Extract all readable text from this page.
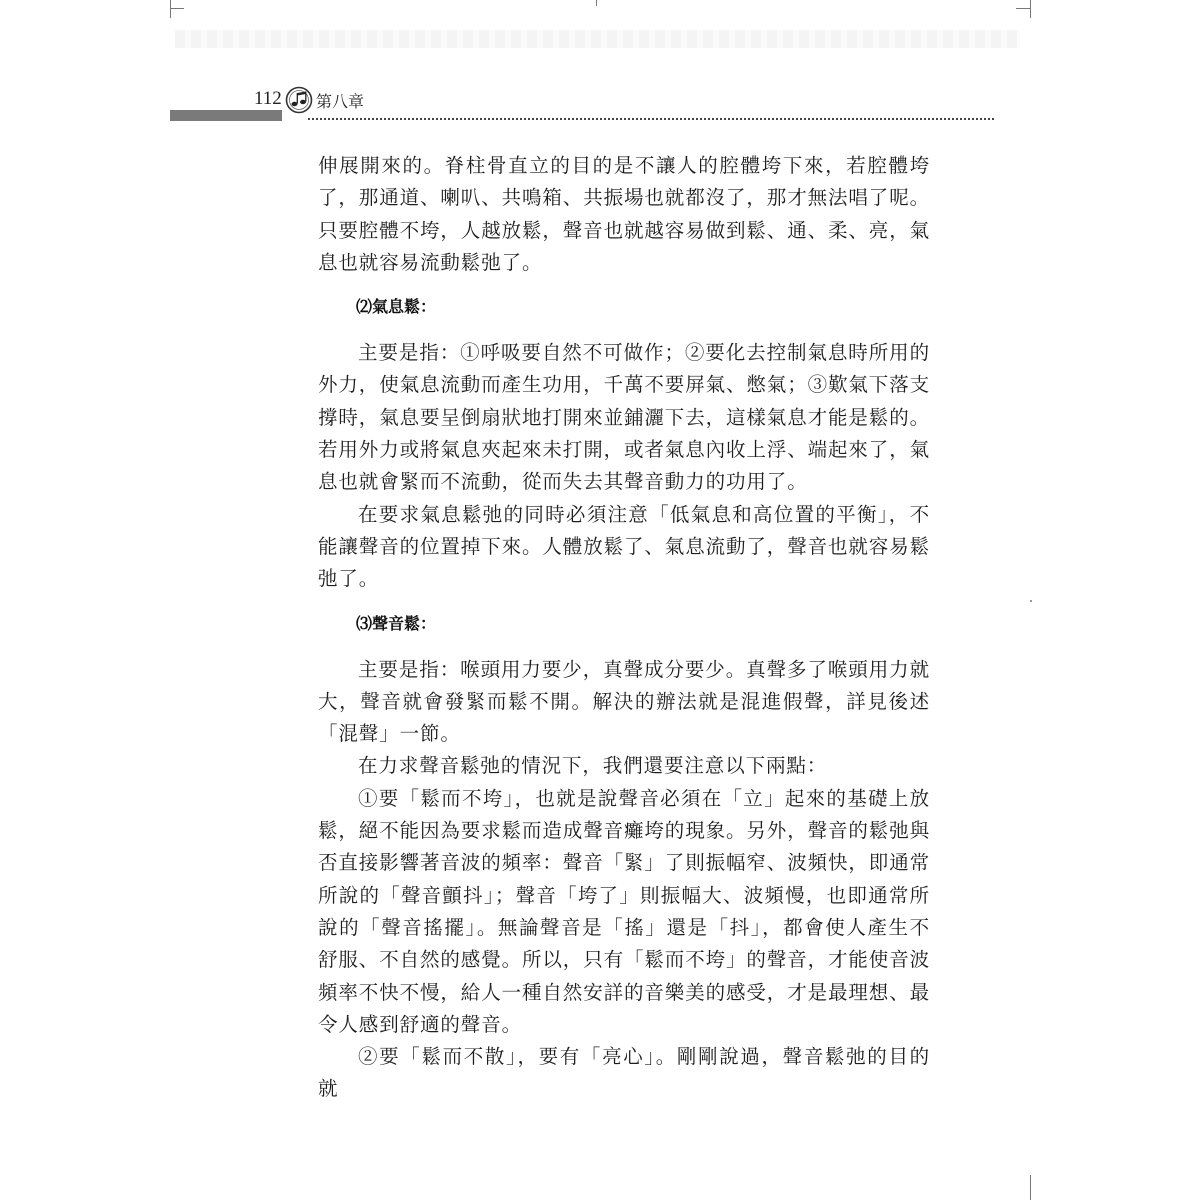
112 第八章

伸展開來的。脊柱骨直立的目的是不讓人的腔體垮下來，若腔體垮了，那通道、喇叭、共鳴箱、共振場也就都沒了，那才無法唱了呢。只要腔體不垮，人越放鬆，聲音也就越容易做到鬆、通、柔、亮，氣息也就容易流動鬆弛了。

⑵氣息鬆：

主要是指：①呼吸要自然不可做作；②要化去控制氣息時所用的外力，使氣息流動而產生功用，千萬不要屏氣、憋氣；③歎氣下落支撐時，氣息要呈倒扇狀地打開來並鋪灑下去，這樣氣息才能是鬆的。若用外力或將氣息夾起來未打開，或者氣息內收上浮、端起來了，氣息也就會緊而不流動，從而失去其聲音動力的功用了。

在要求氣息鬆弛的同時必須注意「低氣息和高位置的平衡」，不能讓聲音的位置掉下來。人體放鬆了、氣息流動了，聲音也就容易鬆弛了。

⑶聲音鬆：

主要是指：喉頭用力要少，真聲成分要少。真聲多了喉頭用力就大，聲音就會發緊而鬆不開。解決的辦法就是混進假聲，詳見後述「混聲」一節。

在力求聲音鬆弛的情況下，我們還要注意以下兩點：

①要「鬆而不垮」，也就是說聲音必須在「立」起來的基礎上放鬆，絕不能因為要求鬆而造成聲音癱垮的現象。另外，聲音的鬆弛與否直接影響著音波的頻率：聲音「緊」了則振幅窄、波頻快，即通常所說的「聲音顫抖」；聲音「垮了」則振幅大、波頻慢，也即通常所說的「聲音搖擺」。無論聲音是「搖」還是「抖」，都會使人產生不舒服、不自然的感覺。所以，只有「鬆而不垮」的聲音，才能使音波頻率不快不慢，給人一種自然安詳的音樂美的感受，才是最理想、最令人感到舒適的聲音。

②要「鬆而不散」，要有「亮心」。剛剛說過，聲音鬆弛的目的就
